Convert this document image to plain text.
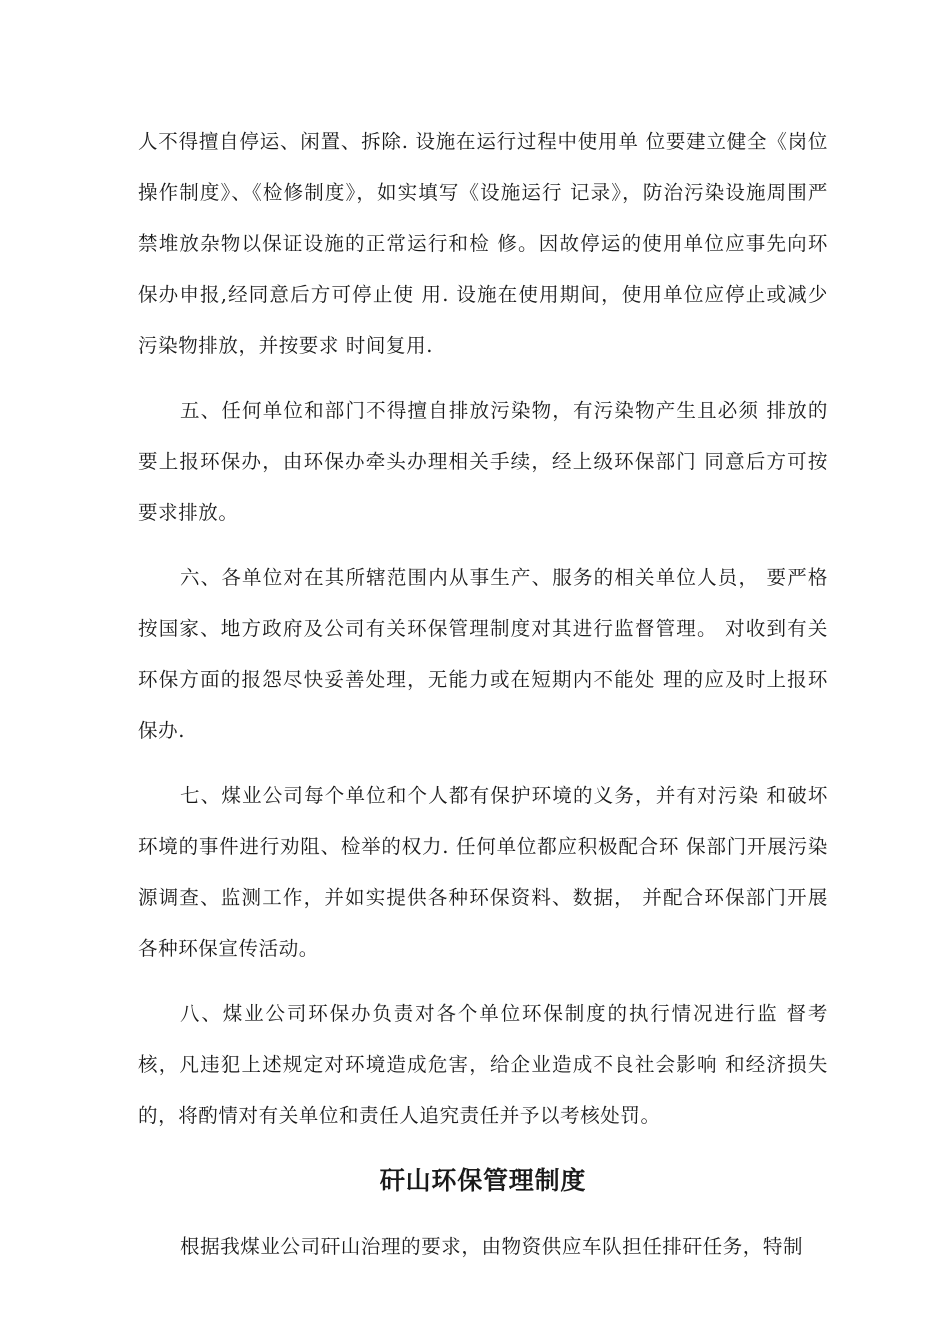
人不得擅自停运、闲置、拆除. 设施在运行过程中使用单 位要建立健全《岗位操作制度》、《检修制度》，如实填写《设施运行 记录》，防治污染设施周围严禁堆放杂物以保证设施的正常运行和检 修。因故停运的使用单位应事先向环保办申报,经同意后方可停止使 用. 设施在使用期间，使用单位应停止或减少污染物排放，并按要求 时间复用.

五、任何单位和部门不得擅自排放污染物，有污染物产生且必须 排放的要上报环保办，由环保办牵头办理相关手续，经上级环保部门 同意后方可按要求排放。

六、各单位对在其所辖范围内从事生产、服务的相关单位人员， 要严格按国家、地方政府及公司有关环保管理制度对其进行监督管理。 对收到有关环保方面的报怨尽快妥善处理，无能力或在短期内不能处 理的应及时上报环保办.

七、煤业公司每个单位和个人都有保护环境的义务，并有对污染 和破坏环境的事件进行劝阻、检举的权力. 任何单位都应积极配合环 保部门开展污染源调查、监测工作，并如实提供各种环保资料、数据， 并配合环保部门开展各种环保宣传活动。

八、煤业公司环保办负责对各个单位环保制度的执行情况进行监 督考核，凡违犯上述规定对环境造成危害，给企业造成不良社会影响 和经济损失的，将酌情对有关单位和责任人追究责任并予以考核处罚。

矸山环保管理制度

根据我煤业公司矸山治理的要求，由物资供应车队担任排矸任务，特制
